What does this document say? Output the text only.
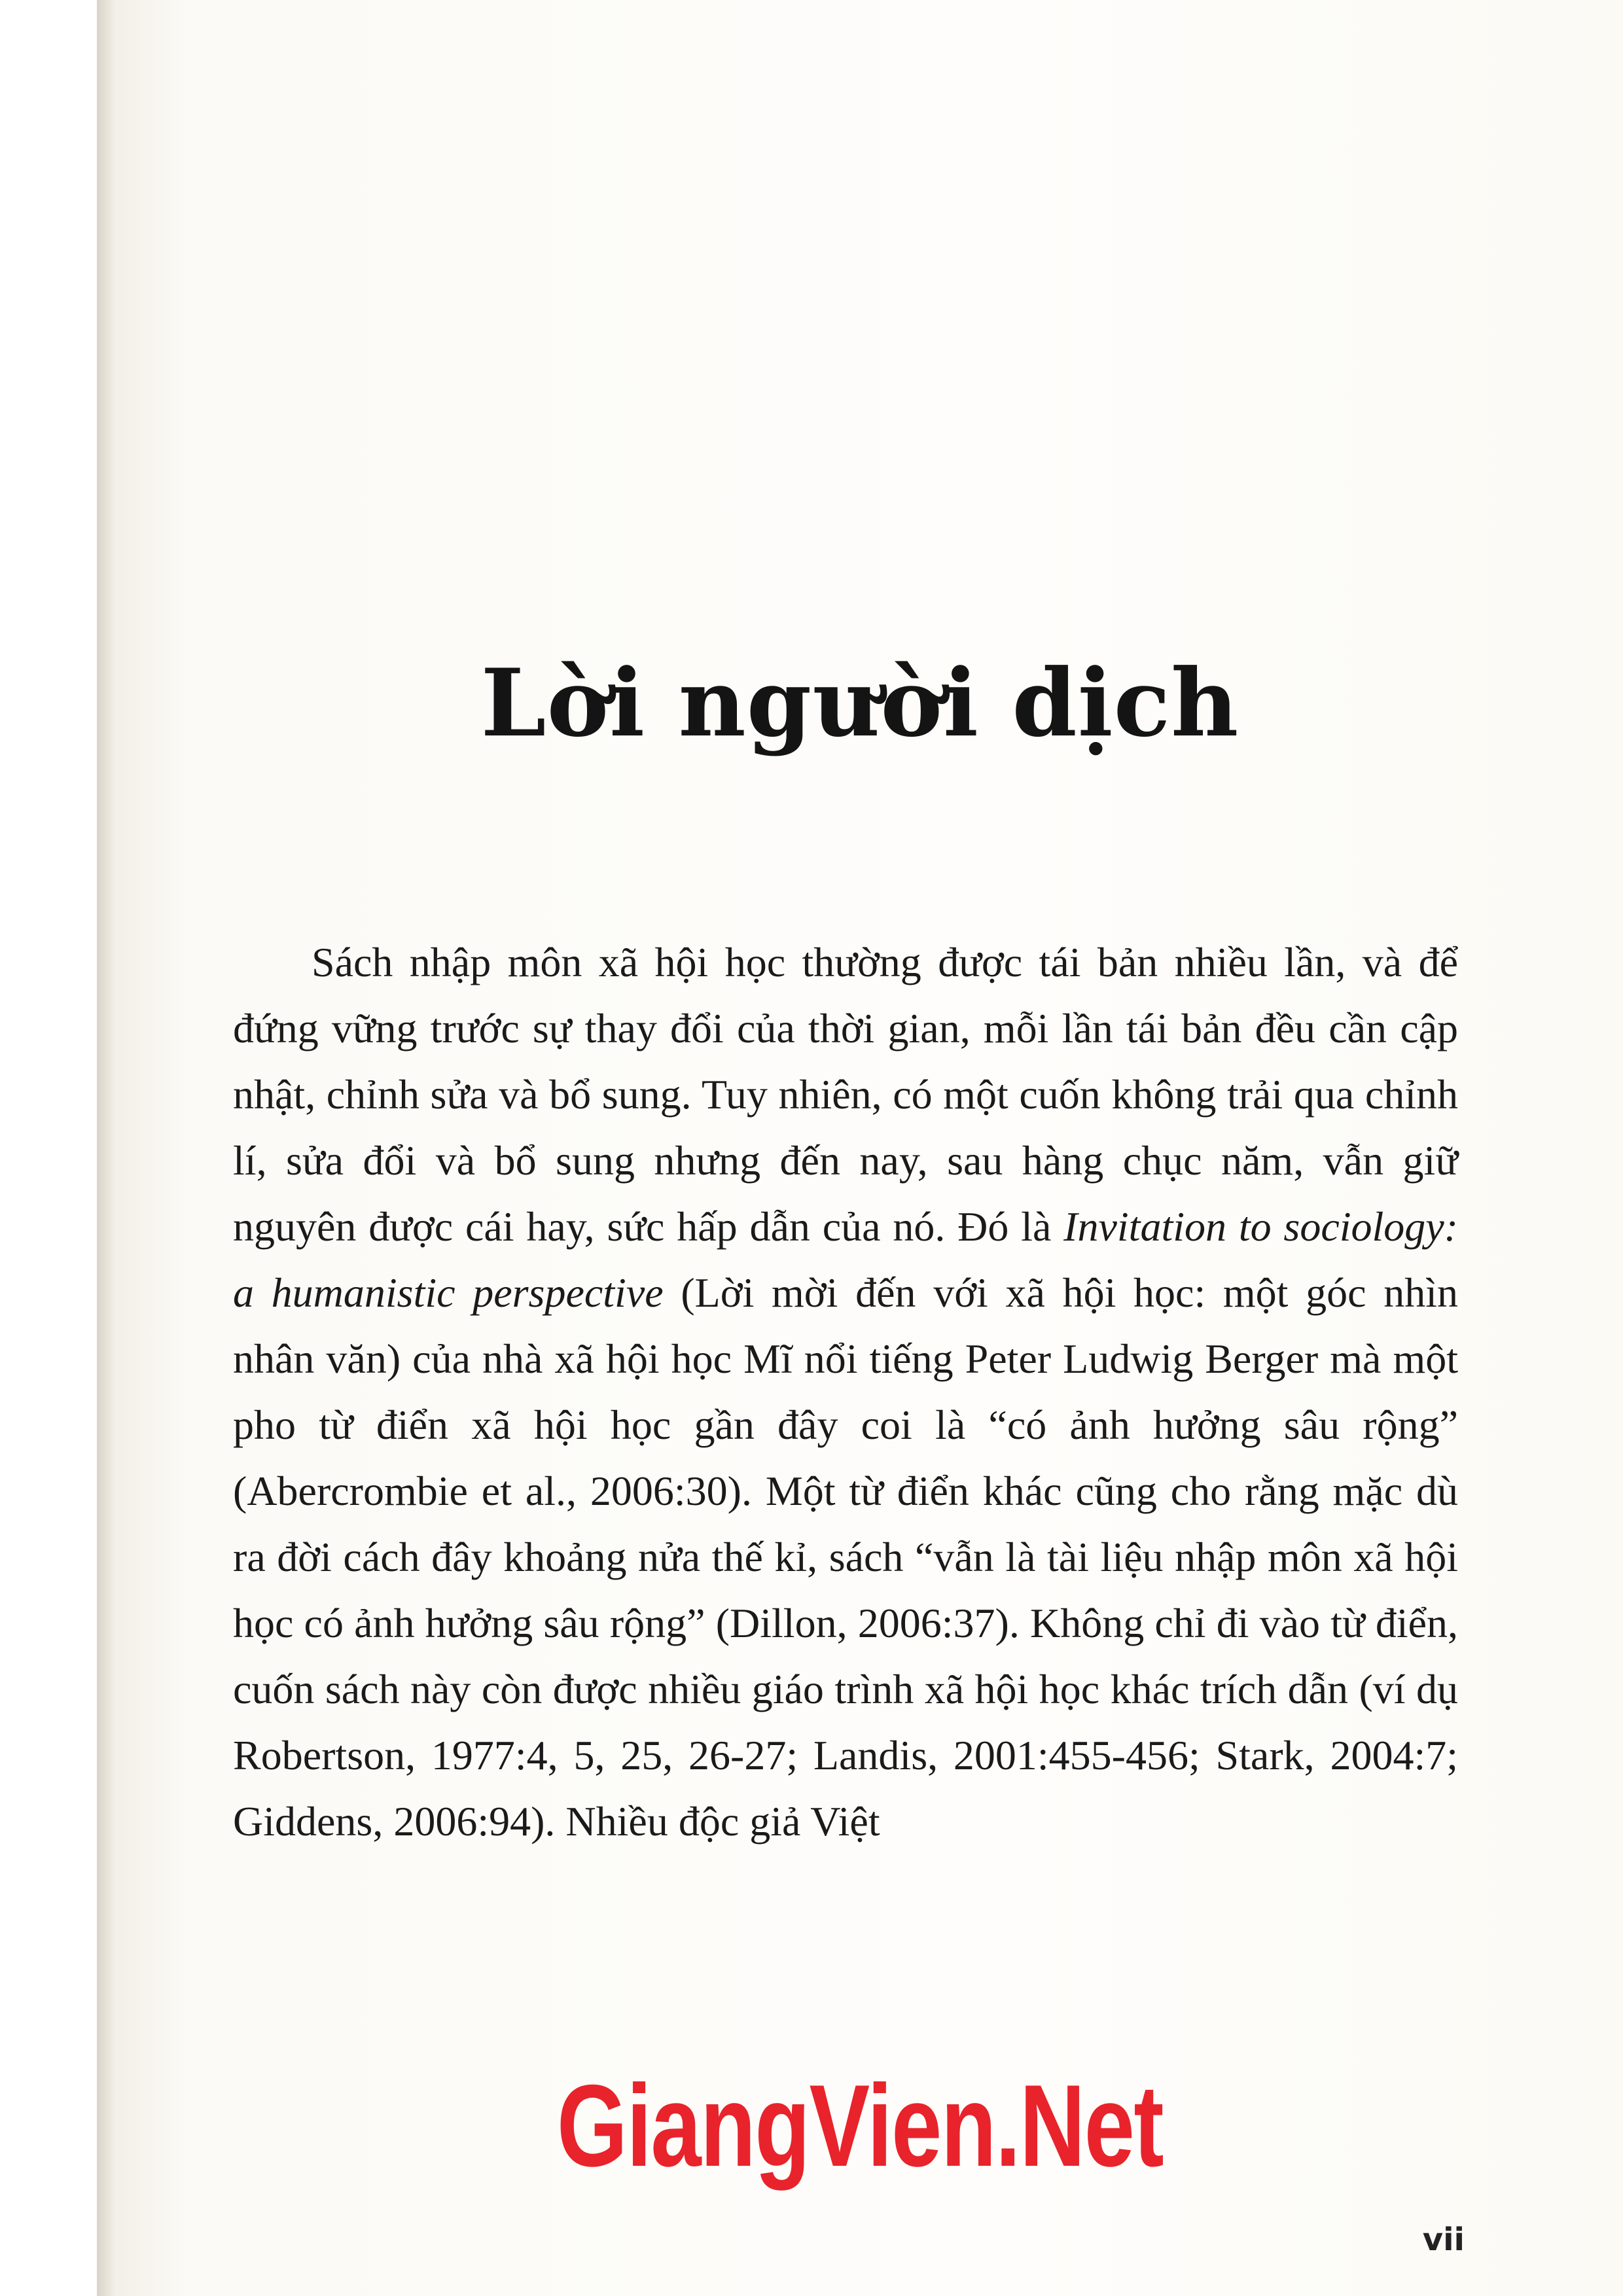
Lời người dịch

Sách nhập môn xã hội học thường được tái bản nhiều lần, và để đứng vững trước sự thay đổi của thời gian, mỗi lần tái bản đều cần cập nhật, chỉnh sửa và bổ sung. Tuy nhiên, có một cuốn không trải qua chỉnh lí, sửa đổi và bổ sung nhưng đến nay, sau hàng chục năm, vẫn giữ nguyên được cái hay, sức hấp dẫn của nó. Đó là Invitation to sociology: a humanistic perspective (Lời mời đến với xã hội học: một góc nhìn nhân văn) của nhà xã hội học Mĩ nổi tiếng Peter Ludwig Berger mà một pho từ điển xã hội học gần đây coi là “có ảnh hưởng sâu rộng” (Abercrombie et al., 2006:30). Một từ điển khác cũng cho rằng mặc dù ra đời cách đây khoảng nửa thế kỉ, sách “vẫn là tài liệu nhập môn xã hội học có ảnh hưởng sâu rộng” (Dillon, 2006:37). Không chỉ đi vào từ điển, cuốn sách này còn được nhiều giáo trình xã hội học khác trích dẫn (ví dụ Robertson, 1977:4, 5, 25, 26-27; Landis, 2001:455-456; Stark, 2004:7; Giddens, 2006:94). Nhiều độc giả Việt

GiangVien.Net
vii
